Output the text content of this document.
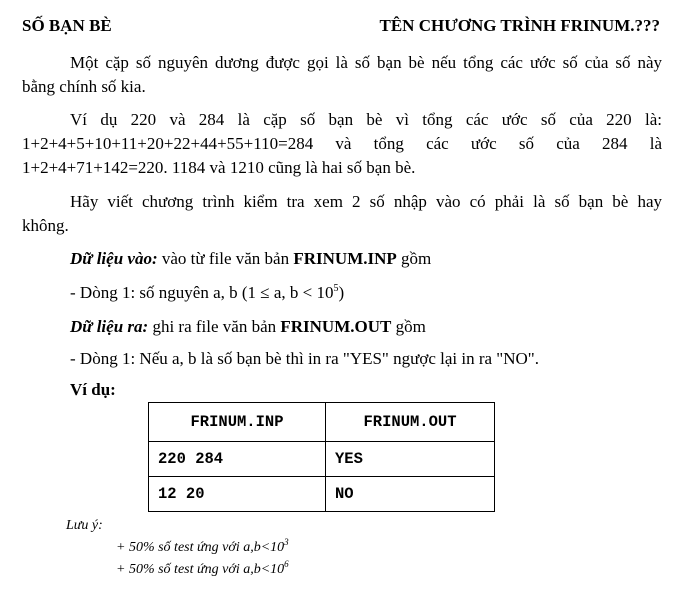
SỐ BẠN BÈ	TÊN CHƯƠNG TRÌNH FRINUM.???
Một cặp số nguyên dương được gọi là số bạn bè nếu tổng các ước số của số này
bằng chính số kia.
Ví dụ 220 và 284 là cặp số bạn bè vì tổng các ước số của 220 là:
1+2+4+5+10+11+20+22+44+55+110=284 và tổng các ước số của 284 là
1+2+4+71+142=220. 1184 và 1210 cũng là hai số bạn bè.
Hãy viết chương trình kiểm tra xem 2 số nhập vào có phải là số bạn bè hay
không.
Dữ liệu vào: vào từ file văn bản FRINUM.INP gồm
- Dòng 1: số nguyên a, b (1 ≤ a, $b < 10^5$)
Dữ liệu ra: ghi ra file văn bản FRINUM.OUT gồm
- Dòng 1: Nếu a, b là số bạn bè thì in ra "YES" ngược lại in ra "NO".
Ví dụ:
FRINUM.INP	FRINUM.OUT
220 284	YES
12 20	NO
Lưu ý:
+ 50% số test ứng với $a,b<10^3$
+ 50% số test ứng với $a,b<10^6$
